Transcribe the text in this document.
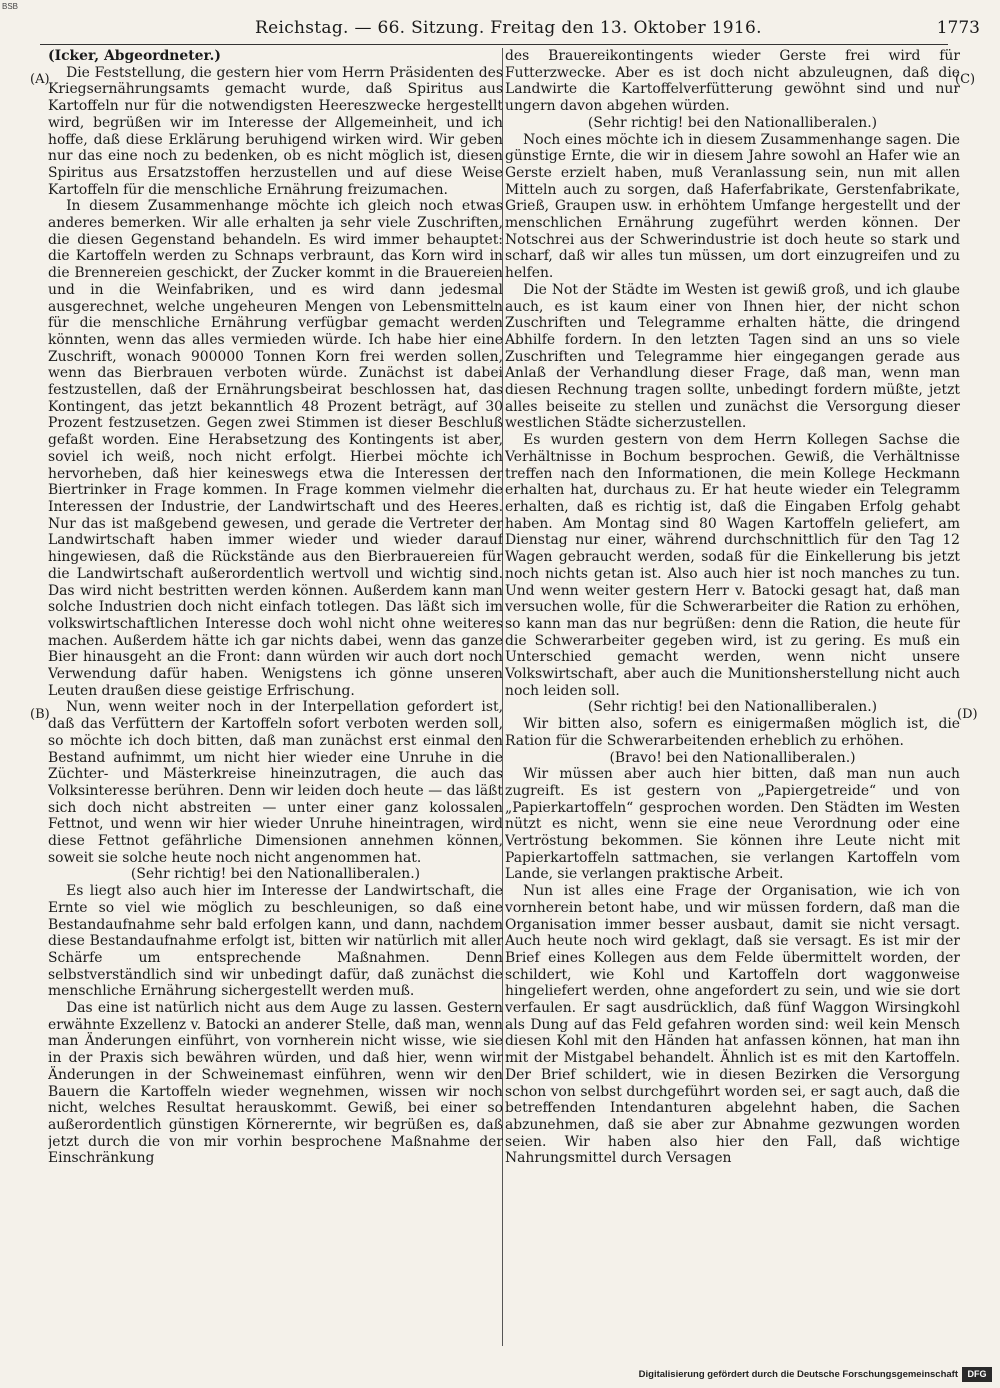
BSB
Reichstag. — 66. Sitzung. Freitag den 13. Oktober 1916.	1773
(A)
(B)
(C)
(D)

(Icker, Abgeordneter.)

Die Feststellung, die gestern hier vom Herrn Präsidenten des Kriegsernährungsamts gemacht wurde, daß Spiritus aus Kartoffeln nur für die notwendigsten Heereszwecke hergestellt wird, begrüßen wir im Interesse der Allgemeinheit, und ich hoffe, daß diese Erklärung beruhigend wirken wird. Wir geben nur das eine noch zu bedenken, ob es nicht möglich ist, diesen Spiritus aus Ersatzstoffen herzustellen und auf diese Weise Kartoffeln für die menschliche Ernährung freizumachen.

In diesem Zusammenhange möchte ich gleich noch etwas anderes bemerken. Wir alle erhalten ja sehr viele Zuschriften, die diesen Gegenstand behandeln. Es wird immer behauptet: die Kartoffeln werden zu Schnaps verbraunt, das Korn wird in die Brennereien geschickt, der Zucker kommt in die Brauereien und in die Weinfabriken, und es wird dann jedesmal ausgerechnet, welche ungeheuren Mengen von Lebensmitteln für die menschliche Ernährung verfügbar gemacht werden könnten, wenn das alles vermieden würde. Ich habe hier eine Zuschrift, wonach 900000 Tonnen Korn frei werden sollen, wenn das Bierbrauen verboten würde. Zunächst ist dabei festzustellen, daß der Ernährungsbeirat beschlossen hat, das Kontingent, das jetzt bekanntlich 48 Prozent beträgt, auf 30 Prozent festzusetzen. Gegen zwei Stimmen ist dieser Beschluß gefaßt worden. Eine Herabsetzung des Kontingents ist aber, soviel ich weiß, noch nicht erfolgt. Hierbei möchte ich hervorheben, daß hier keineswegs etwa die Interessen der Biertrinker in Frage kommen. In Frage kommen vielmehr die Interessen der Industrie, der Landwirtschaft und des Heeres. Nur das ist maßgebend gewesen, und gerade die Vertreter der Landwirtschaft haben immer wieder und wieder darauf hingewiesen, daß die Rückstände aus den Bierbrauereien für die Landwirtschaft außerordentlich wertvoll und wichtig sind. Das wird nicht bestritten werden können. Außerdem kann man solche Industrien doch nicht einfach totlegen. Das läßt sich im volkswirtschaftlichen Interesse doch wohl nicht ohne weiteres machen. Außerdem hätte ich gar nichts dabei, wenn das ganze Bier hinausgeht an die Front: dann würden wir auch dort noch Verwendung dafür haben. Wenigstens ich gönne unseren Leuten draußen diese geistige Erfrischung.

Nun, wenn weiter noch in der Interpellation gefordert ist, daß das Verfüttern der Kartoffeln sofort verboten werden soll, so möchte ich doch bitten, daß man zunächst erst einmal den Bestand aufnimmt, um nicht hier wieder eine Unruhe in die Züchter- und Mästerkreise hineinzutragen, die auch das Volksinteresse berühren. Denn wir leiden doch heute — das läßt sich doch nicht abstreiten — unter einer ganz kolossalen Fettnot, und wenn wir hier wieder Unruhe hineintragen, wird diese Fettnot gefährliche Dimensionen annehmen können, soweit sie solche heute noch nicht angenommen hat.

(Sehr richtig! bei den Nationalliberalen.)

Es liegt also auch hier im Interesse der Landwirtschaft, die Ernte so viel wie möglich zu beschleunigen, so daß eine Bestandaufnahme sehr bald erfolgen kann, und dann, nachdem diese Bestandaufnahme erfolgt ist, bitten wir natürlich mit aller Schärfe um entsprechende Maßnahmen. Denn selbstverständlich sind wir unbedingt dafür, daß zunächst die menschliche Ernährung sichergestellt werden muß.

Das eine ist natürlich nicht aus dem Auge zu lassen. Gestern erwähnte Exzellenz v. Batocki an anderer Stelle, daß man, wenn man Änderungen einführt, von vornherein nicht wisse, wie sie in der Praxis sich bewähren würden, und daß hier, wenn wir Änderungen in der Schweinemast einführen, wenn wir den Bauern die Kartoffeln wieder wegnehmen, wissen wir noch nicht, welches Resultat herauskommt. Gewiß, bei einer so außerordentlich günstigen Körnerernte, wir begrüßen es, daß jetzt durch die von mir vorhin besprochene Maßnahme der Einschränkung

des Brauereikontingents wieder Gerste frei wird für Futterzwecke. Aber es ist doch nicht abzuleugnen, daß die Landwirte die Kartoffelverfütterung gewöhnt sind und nur ungern davon abgehen würden.

(Sehr richtig! bei den Nationalliberalen.)

Noch eines möchte ich in diesem Zusammenhange sagen. Die günstige Ernte, die wir in diesem Jahre sowohl an Hafer wie an Gerste erzielt haben, muß Veranlassung sein, nun mit allen Mitteln auch zu sorgen, daß Haferfabrikate, Gerstenfabrikate, Grieß, Graupen usw. in erhöhtem Umfange hergestellt und der menschlichen Ernährung zugeführt werden können. Der Notschrei aus der Schwerindustrie ist doch heute so stark und scharf, daß wir alles tun müssen, um dort einzugreifen und zu helfen.

Die Not der Städte im Westen ist gewiß groß, und ich glaube auch, es ist kaum einer von Ihnen hier, der nicht schon Zuschriften und Telegramme erhalten hätte, die dringend Abhilfe fordern. In den letzten Tagen sind an uns so viele Zuschriften und Telegramme hier eingegangen gerade aus Anlaß der Verhandlung dieser Frage, daß man, wenn man diesen Rechnung tragen sollte, unbedingt fordern müßte, jetzt alles beiseite zu stellen und zunächst die Versorgung dieser westlichen Städte sicherzustellen.

Es wurden gestern von dem Herrn Kollegen Sachse die Verhältnisse in Bochum besprochen. Gewiß, die Verhältnisse treffen nach den Informationen, die mein Kollege Heckmann erhalten hat, durchaus zu. Er hat heute wieder ein Telegramm erhalten, daß es richtig ist, daß die Eingaben Erfolg gehabt haben. Am Montag sind 80 Wagen Kartoffeln geliefert, am Dienstag nur einer, während durchschnittlich für den Tag 12 Wagen gebraucht werden, sodaß für die Einkellerung bis jetzt noch nichts getan ist. Also auch hier ist noch manches zu tun. Und wenn weiter gestern Herr v. Batocki gesagt hat, daß man versuchen wolle, für die Schwerarbeiter die Ration zu erhöhen, so kann man das nur begrüßen: denn die Ration, die heute für die Schwerarbeiter gegeben wird, ist zu gering. Es muß ein Unterschied gemacht werden, wenn nicht unsere Volkswirtschaft, aber auch die Munitionsherstellung nicht auch noch leiden soll.

(Sehr richtig! bei den Nationalliberalen.)

Wir bitten also, sofern es einigermaßen möglich ist, die Ration für die Schwerarbeitenden erheblich zu erhöhen.

(Bravo! bei den Nationalliberalen.)

Wir müssen aber auch hier bitten, daß man nun auch zugreift. Es ist gestern von „Papiergetreide“ und von „Papierkartoffeln“ gesprochen worden. Den Städten im Westen nützt es nicht, wenn sie eine neue Verordnung oder eine Vertröstung bekommen. Sie können ihre Leute nicht mit Papierkartoffeln sattmachen, sie verlangen Kartoffeln vom Lande, sie verlangen praktische Arbeit.

Nun ist alles eine Frage der Organisation, wie ich von vornherein betont habe, und wir müssen fordern, daß man die Organisation immer besser ausbaut, damit sie nicht versagt. Auch heute noch wird geklagt, daß sie versagt. Es ist mir der Brief eines Kollegen aus dem Felde übermittelt worden, der schildert, wie Kohl und Kartoffeln dort waggonweise hingeliefert werden, ohne angefordert zu sein, und wie sie dort verfaulen. Er sagt ausdrücklich, daß fünf Waggon Wirsingkohl als Dung auf das Feld gefahren worden sind: weil kein Mensch diesen Kohl mit den Händen hat anfassen können, hat man ihn mit der Mistgabel behandelt. Ähnlich ist es mit den Kartoffeln. Der Brief schildert, wie in diesen Bezirken die Versorgung schon von selbst durchgeführt worden sei, er sagt auch, daß die betreffenden Intendanturen abgelehnt haben, die Sachen abzunehmen, daß sie aber zur Abnahme gezwungen worden seien. Wir haben also hier den Fall, daß wichtige Nahrungsmittel durch Versagen

Digitalisierung gefördert durch die Deutsche Forschungsgemeinschaft	DFG
